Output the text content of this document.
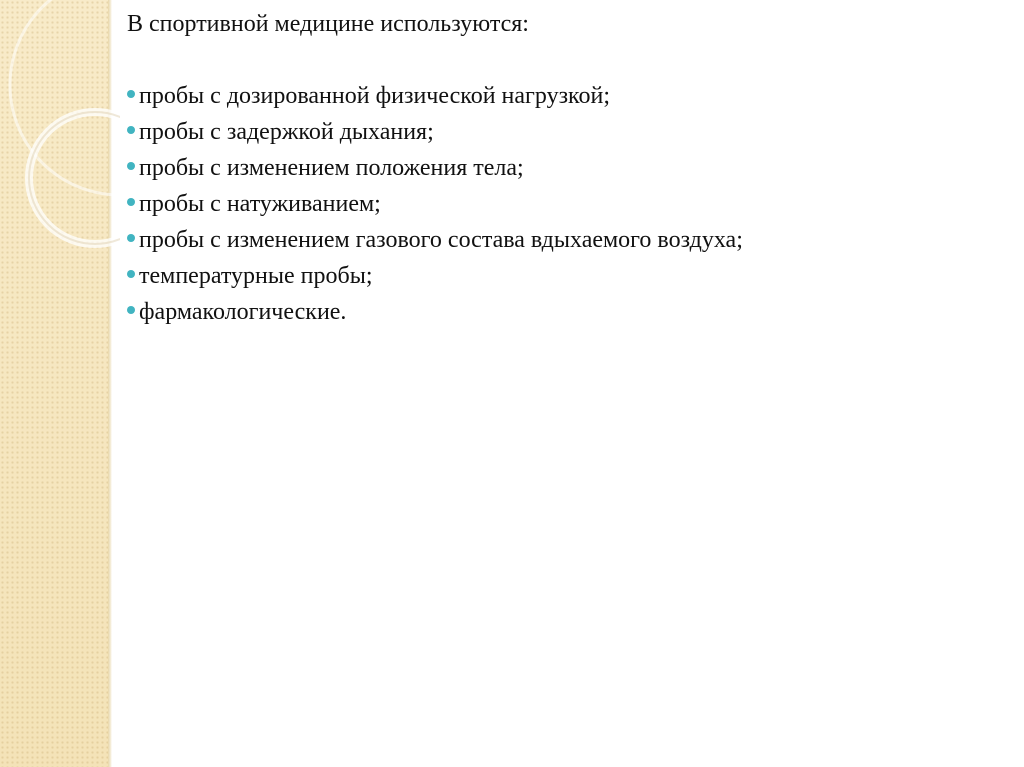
В спортивной медицине используются:

пробы с дозированной физической нагрузкой;
пробы с задержкой дыхания;
пробы с изменением положения тела;
пробы с натуживанием;
пробы с изменением газового состава вдыхаемого воздуха;
температурные пробы;
фармакологические.
